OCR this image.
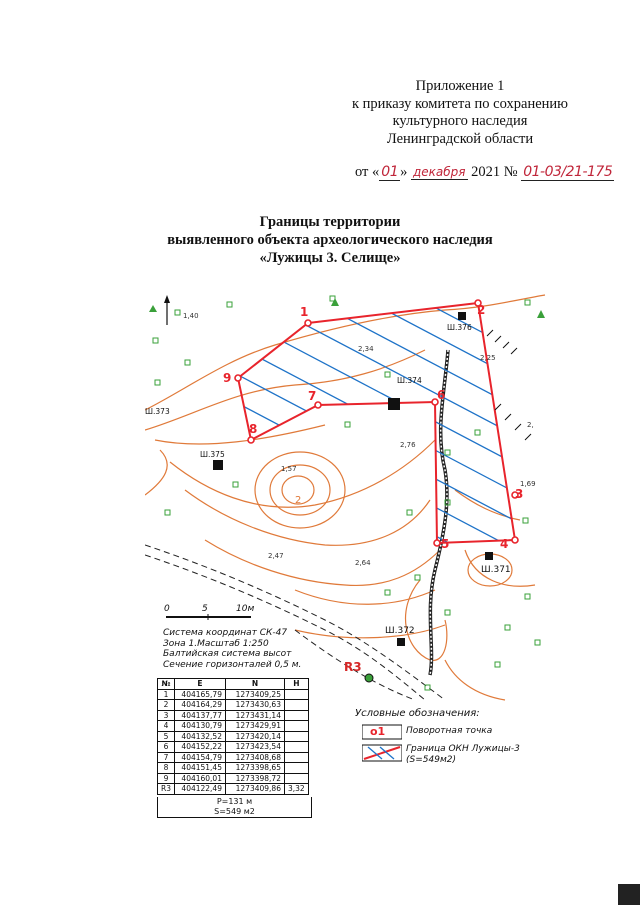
Приложение 1
к приказу комитета по сохранению
культурного наследия
Ленинградской области
от « 01 » декабря 2021 № 01-03/21-175
Границы территории
выявленного объекта археологического наследия
«Лужицы 3. Селище»
1	2
3
4
5
6
7
8
9
Ш.373
Ш.375
Ш.371
Ш.372
Ш.376
Ш.374
1,40
2,34
2,25
2,76
1,57
2
2,47
2,64
1,69
2,
0	5	10м
Система координат СК-47
Зона 1.Масштаб 1:250
Балтийская система высот
Сечение горизонталей 0,5 м.	R3
№	E	N	H
1	404165,79	1273409,25	
2	404164,29	1273430,63	
3	404137,77	1273431,14	
4	404130,79	1273429,91	
5	404132,52	1273420,14	
6	404152,22	1273423,54	
7	404154,79	1273408,68	
8	404151,45	1273398,65	
9	404160,01	1273398,72	
R3	404122,49	1273409,86	3,32
P=131 м
S=549 м2
Условные обозначения:
о1 Поворотная точка
Граница ОКН Лужицы-3
(S=549м2)
